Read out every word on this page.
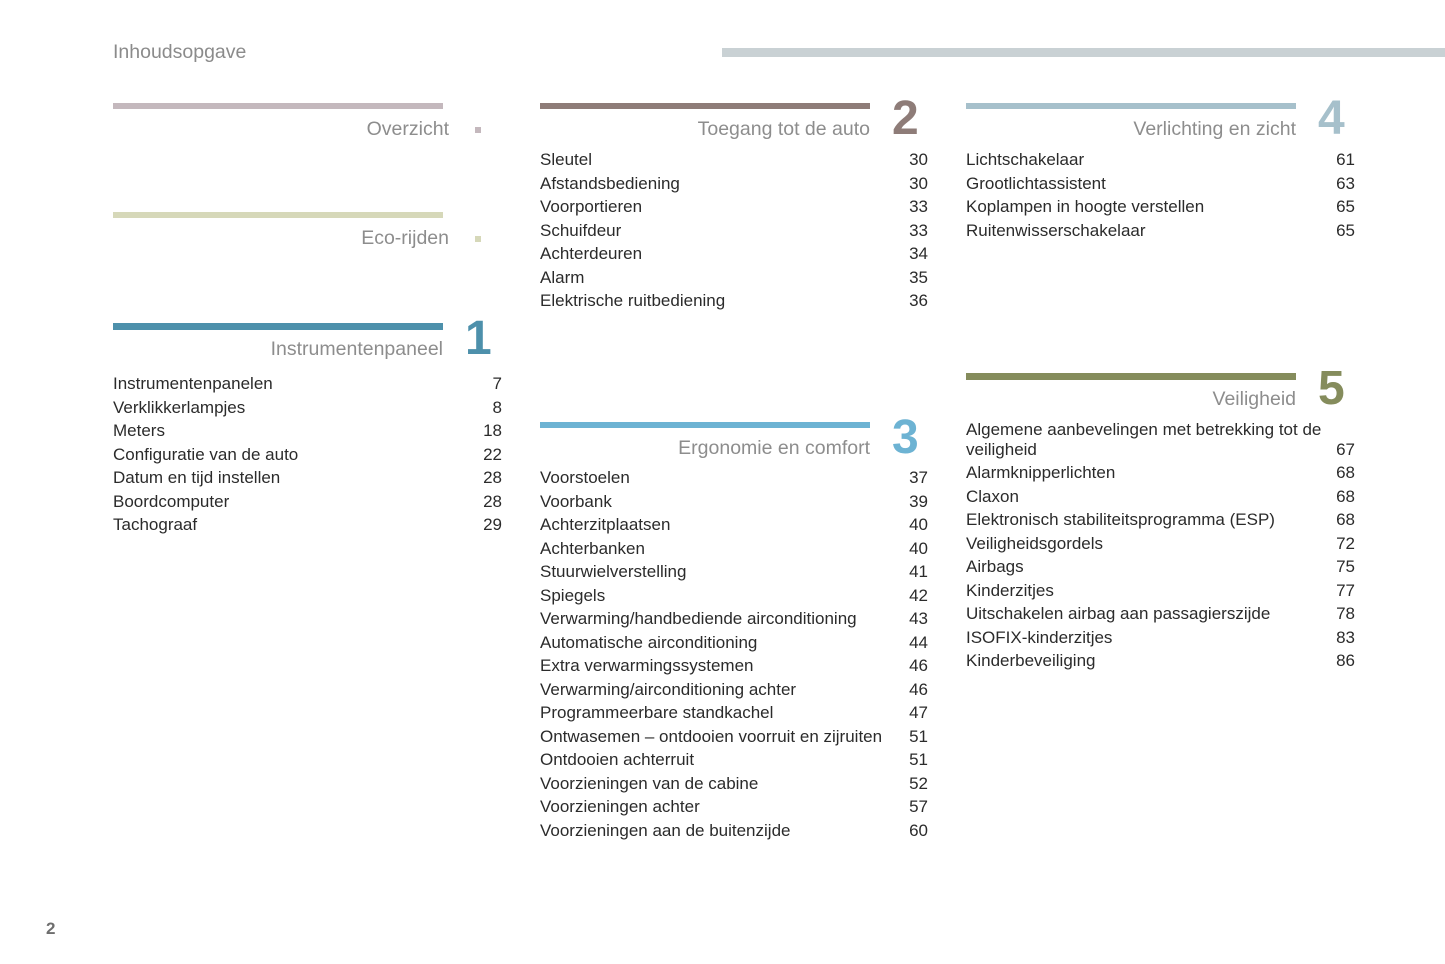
Inhoudsopgave
Overzicht
Eco-rijden
Instrumentenpaneel 1
Instrumentenpanelen	7
Verklikkerlampjes	8
Meters	18
Configuratie van de auto	22
Datum en tijd instellen	28
Boordcomputer	28
Tachograaf	29
Toegang tot de auto 2
Sleutel	30
Afstandsbediening	30
Voorportieren	33
Schuifdeur	33
Achterdeuren	34
Alarm	35
Elektrische ruitbediening	36
Ergonomie en comfort 3
Voorstoelen	37
Voorbank	39
Achterzitplaatsen	40
Achterbanken	40
Stuurwielverstelling	41
Spiegels	42
Verwarming/handbediende airconditioning	43
Automatische airconditioning	44
Extra verwarmingssystemen	46
Verwarming/airconditioning achter	46
Programmeerbare standkachel	47
Ontwasemen – ontdooien voorruit en zijruiten	51
Ontdooien achterruit	51
Voorzieningen van de cabine	52
Voorzieningen achter	57
Voorzieningen aan de buitenzijde	60
Verlichting en zicht 4
Lichtschakelaar	61
Grootlichtassistent	63
Koplampen in hoogte verstellen	65
Ruitenwisserschakelaar	65
Veiligheid 5
Algemene aanbevelingen met betrekking tot de veiligheid	67
Alarmknipperlichten	68
Claxon	68
Elektronisch stabiliteitsprogramma (ESP)	68
Veiligheidsgordels	72
Airbags	75
Kinderzitjes	77
Uitschakelen airbag aan passagierszijde	78
ISOFIX-kinderzitjes	83
Kinderbeveiliging	86
2
